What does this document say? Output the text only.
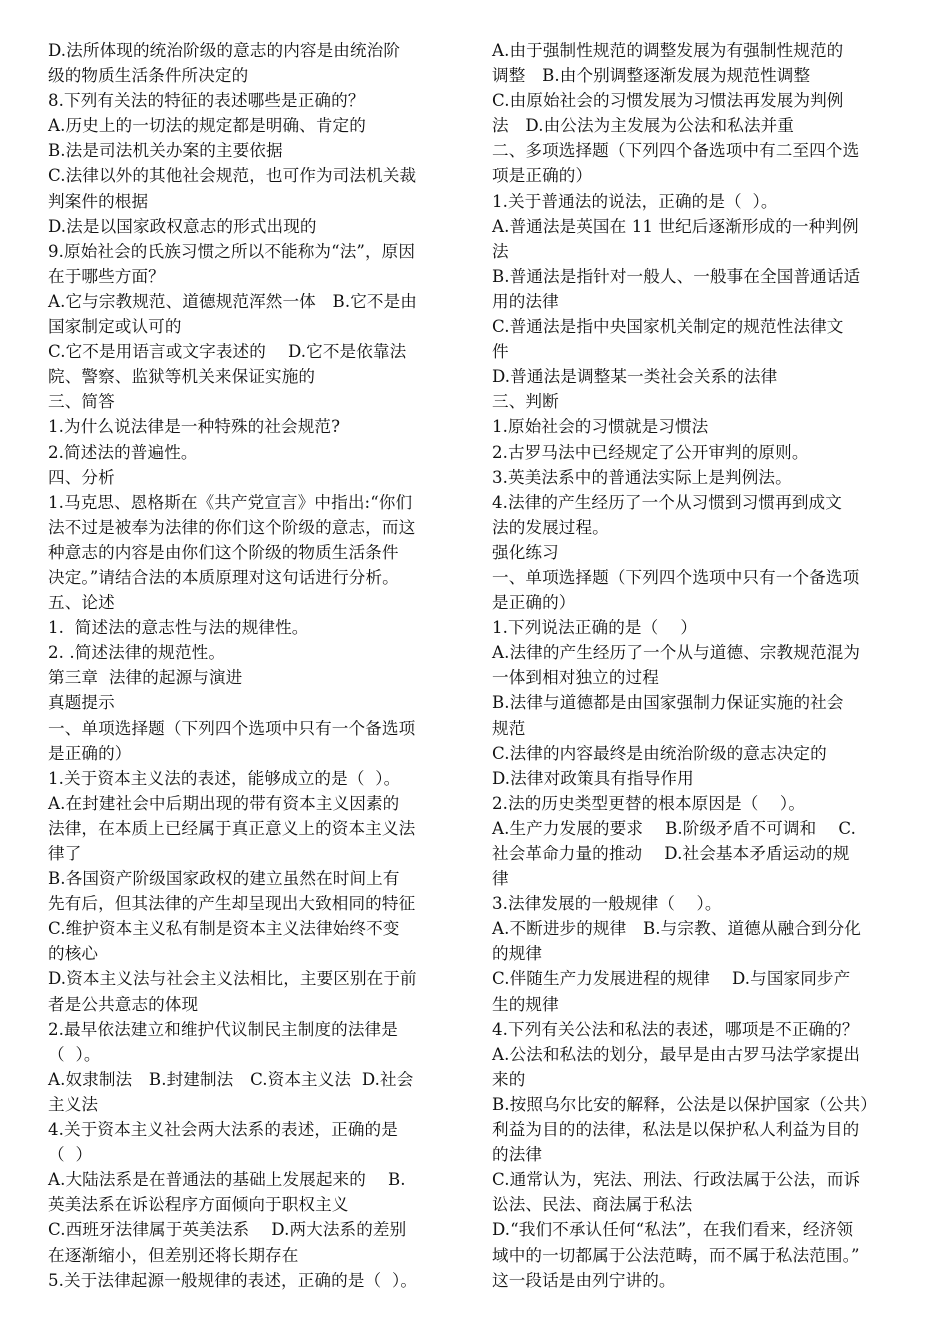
D.法所体现的统治阶级的意志的内容是由统治阶
级的物质生活条件所决定的
8.下列有关法的特征的表述哪些是正确的？
A.历史上的一切法的规定都是明确、肯定的
B.法是司法机关办案的主要依据
C.法律以外的其他社会规范，也可作为司法机关裁
判案件的根据
D.法是以国家政权意志的形式出现的
9.原始社会的氏族习惯之所以不能称为“法”，原因
在于哪些方面？
A.它与宗教规范、道德规范浑然一体　B.它不是由
国家制定或认可的
C.它不是用语言或文字表述的　 D.它不是依靠法
院、警察、监狱等机关来保证实施的
三、简答
1.为什么说法律是一种特殊的社会规范?
2.简述法的普遍性。
四、分析
1.马克思、恩格斯在《共产党宣言》中指出:“你们
法不过是被奉为法律的你们这个阶级的意志，而这
种意志的内容是由你们这个阶级的物质生活条件
决定。”请结合法的本质原理对这句话进行分析。
五、论述
1.  简述法的意志性与法的规律性。
2. .简述法律的规范性。
第三章  法律的起源与演进
真题提示
一、单项选择题（下列四个选项中只有一个备选项
是正确的）
1.关于资本主义法的表述，能够成立的是（  ）。
A.在封建社会中后期出现的带有资本主义因素的
法律，在本质上已经属于真正意义上的资本主义法
律了
B.各国资产阶级国家政权的建立虽然在时间上有
先有后，但其法律的产生却呈现出大致相同的特征
C.维护资本主义私有制是资本主义法律始终不变
的核心
D.资本主义法与社会主义法相比，主要区别在于前
者是公共意志的体现
2.最早依法建立和维护代议制民主制度的法律是
（  ）。
A.奴隶制法　B.封建制法　C.资本主义法  D.社会
主义法
4.关于资本主义社会两大法系的表述，正确的是
（  ）
A.大陆法系是在普通法的基础上发展起来的　 B.
英美法系在诉讼程序方面倾向于职权主义
C.西班牙法律属于英美法系　 D.两大法系的差别
在逐渐缩小，但差别还将长期存在
5.关于法律起源一般规律的表述，正确的是（  ）。
A.由于强制性规范的调整发展为有强制性规范的
调整　B.由个别调整逐渐发展为规范性调整
C.由原始社会的习惯发展为习惯法再发展为判例
法　D.由公法为主发展为公法和私法并重
二、多项选择题（下列四个备选项中有二至四个选
项是正确的）
1.关于普通法的说法，正确的是（  ）。
A.普通法是英国在 11 世纪后逐渐形成的一种判例
法
B.普通法是指针对一般人、一般事在全国普通话适
用的法律
C.普通法是指中央国家机关制定的规范性法律文
件
D.普通法是调整某一类社会关系的法律
三、判断
1.原始社会的习惯就是习惯法
2.古罗马法中已经规定了公开审判的原则。
3.英美法系中的普通法实际上是判例法。
4.法律的产生经历了一个从习惯到习惯再到成文
法的发展过程。
强化练习
一、单项选择题（下列四个选项中只有一个备选项
是正确的）
1.下列说法正确的是（　 ）
A.法律的产生经历了一个从与道德、宗教规范混为
一体到相对独立的过程
B.法律与道德都是由国家强制力保证实施的社会
规范
C.法律的内容最终是由统治阶级的意志决定的
D.法律对政策具有指导作用
2.法的历史类型更替的根本原因是（    ）。
A.生产力发展的要求　 B.阶级矛盾不可调和　 C.
社会革命力量的推动　 D.社会基本矛盾运动的规
律
3.法律发展的一般规律（    ）。
A.不断进步的规律　B.与宗教、道德从融合到分化
的规律
C.伴随生产力发展进程的规律　 D.与国家同步产
生的规律
4.下列有关公法和私法的表述，哪项是不正确的？
A.公法和私法的划分，最早是由古罗马法学家提出
来的
B.按照乌尔比安的解释，公法是以保护国家（公共）
利益为目的的法律，私法是以保护私人利益为目的
的法律
C.通常认为，宪法、刑法、行政法属于公法，而诉
讼法、民法、商法属于私法
D.“我们不承认任何“私法”，在我们看来，经济领
域中的一切都属于公法范畴，而不属于私法范围。”
这一段话是由列宁讲的。
